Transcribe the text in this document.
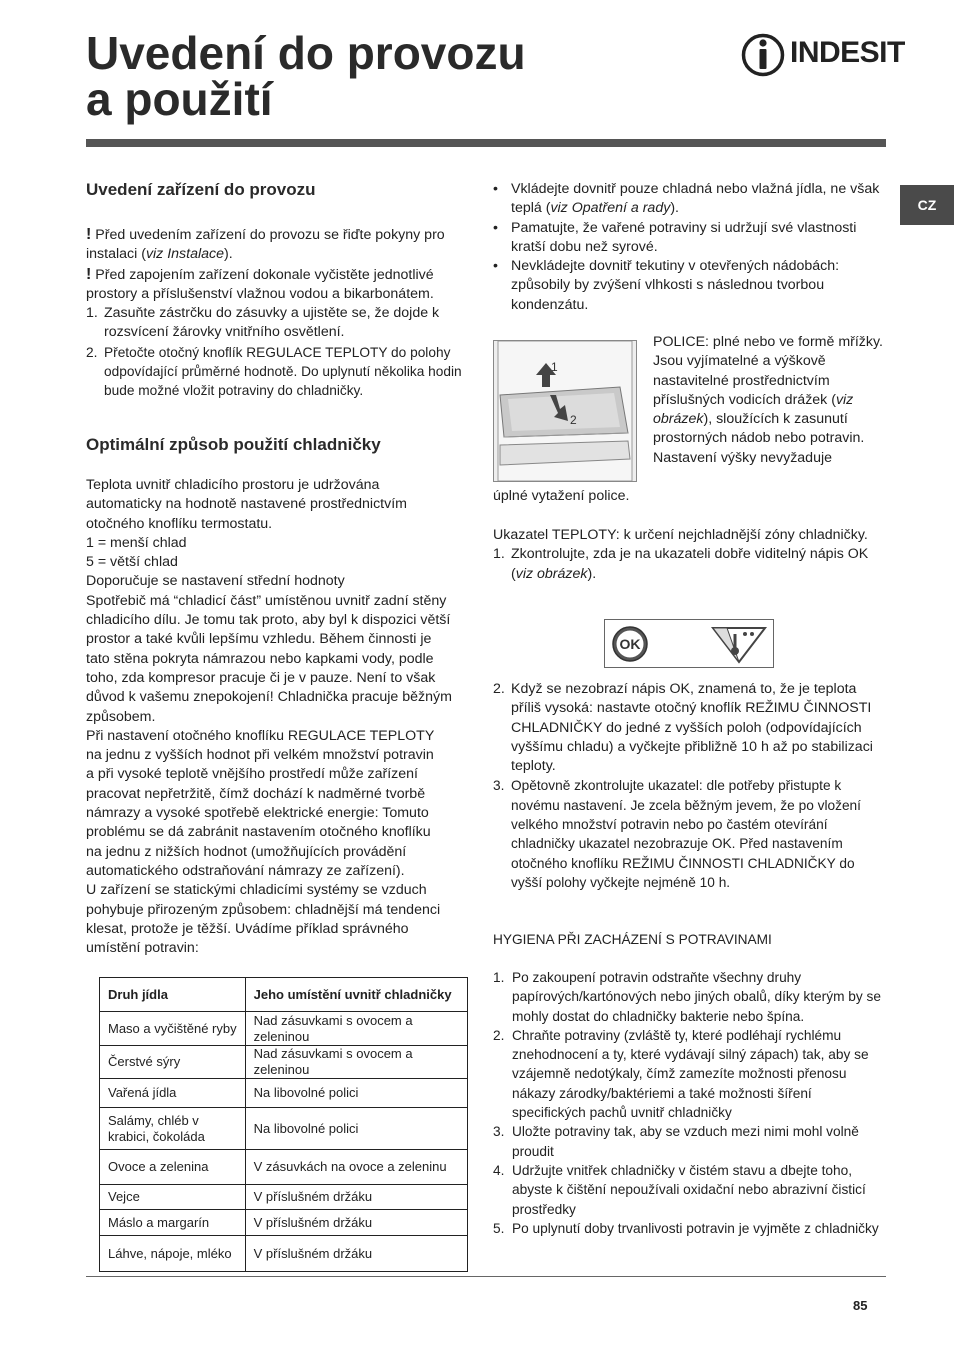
Uvedení do provozu
a použití
INDESIT
CZ
Uvedení zařízení do provozu

! Před uvedením zařízení do provozu se řiďte pokyny pro instalaci (viz Instalace).

! Před zapojením zařízení dokonale vyčistěte jednotlivé prostory a příslušenství vlažnou vodou a bikarbonátem.

1. Zasuňte zástrčku do zásuvky a ujistěte se, že dojde k rozsvícení žárovky vnitřního osvětlení.

2. Přetočte otočný knoflík REGULACE TEPLOTY do polohy odpovídající průměrné hodnotě. Do uplynutí několika hodin bude možné vložit potraviny do chladničky.

Optimální způsob použití chladničky
Teplota uvnitř chladicího prostoru je udržována
automaticky na hodnotě nastavené prostřednictvím
otočného knoflíku termostatu.
1 = menší chlad
5 = větší chlad
Doporučuje se nastavení střední hodnoty
Spotřebič má “chladicí část” umístěnou uvnitř zadní stěny
chladicího dílu. Je tomu tak proto, aby byl k dispozici větší
prostor a také kvůli lepšímu vzhledu. Během činnosti je
tato stěna pokryta námrazou nebo kapkami vody, podle
toho, zda kompresor pracuje či je v pauze. Není to však
důvod k vašemu znepokojení! Chladnička pracuje běžným
způsobem.
Při nastavení otočného knoflíku REGULACE TEPLOTY
na jednu z vyšších hodnot při velkém množství potravin
a při vysoké teplotě vnějšího prostředí může zařízení
pracovat nepřetržitě, čímž dochází k nadměrné tvorbě
námrazy a vysoké spotřebě elektrické energie: Tomuto
problému se dá zabránit nastavením otočného knoflíku
na jednu z nižších hodnot (umožňujících provádění
automatického odstraňování námrazy ze zařízení).
U zařízení se statickými chladicími systémy se vzduch
pohybuje přirozeným způsobem: chladnější má tendenci
klesat, protože je těžší. Uvádíme příklad správného
umístění potravin:
Druh jídla	Jeho umístění uvnitř chladničky
Maso a vyčištěné ryby	Nad zásuvkami s ovocem a zeleninou
Čerstvé sýry	Nad zásuvkami s ovocem a zeleninou
Vařená jídla	Na libovolné polici
Salámy, chléb v krabici, čokoláda	Na libovolné polici
Ovoce a zelenina	V zásuvkách na ovoce a zeleninu
Vejce	V příslušném držáku
Máslo a margarín	V příslušném držáku
Láhve, nápoje, mléko	V příslušném držáku

• Vkládejte dovnitř pouze chladná nebo vlažná jídla, ne však teplá (viz Opatření a rady).

• Pamatujte, že vařené potraviny si udržují své vlastnosti kratší dobu než syrové.

• Nevkládejte dovnitř tekutiny v otevřených nádobách: způsobily by zvýšení vlhkosti s následnou tvorbou kondenzátu.

1
2

POLICE: plné nebo ve formě mřížky.

Jsou vyjímatelné a výškově nastavitelné prostřednictvím příslušných vodicích drážek (viz obrázek), sloužících k zasunutí prostorných nádob nebo potravin. Nastavení výšky nevyžaduje

úplné vytažení police.

Ukazatel TEPLOTY: k určení nejchladnější zóny chladničky.

1. Zkontrolujte, zda je na ukazateli dobře viditelný nápis OK (viz obrázek).

OK

2. Když se nezobrazí nápis OK, znamená to, že je teplota příliš vysoká: nastavte otočný knoflík REŽIMU ČINNOSTI CHLADNIČKY do jedné z vyšších poloh (odpovídajících vyššímu chladu) a vyčkejte přibližně 10 h až po stabilizaci teploty.

3. Opětovně zkontrolujte ukazatel: dle potřeby přistupte k novému nastavení. Je zcela běžným jevem, že po vložení velkého množství potravin nebo po častém otevírání chladničky ukazatel nezobrazuje OK. Před nastavením otočného knoflíku REŽIMU ČINNOSTI CHLADNIČKY do vyšší polohy vyčkejte nejméně 10 h.

HYGIENA PŘI ZACHÁZENÍ S POTRAVINAMI

1. Po zakoupení potravin odstraňte všechny druhy papírových/kartónových nebo jiných obalů, díky kterým by se mohly dostat do chladničky bakterie nebo špína.

2. Chraňte potraviny (zvláště ty, které podléhají rychlému znehodnocení a ty, které vydávají silný zápach) tak, aby se vzájemně nedotýkaly, čímž zamezíte možnosti přenosu nákazy zárodky/baktériemi a také možnosti šíření specifických pachů uvnitř chladničky

3. Uložte potraviny tak, aby se vzduch mezi nimi mohl volně proudit

4. Udržujte vnitřek chladničky v čistém stavu a dbejte toho, abyste k čištění nepoužívali oxidační nebo abrazivní čisticí prostředky

5. Po uplynutí doby trvanlivosti potravin je vyjměte z chladničky

85
